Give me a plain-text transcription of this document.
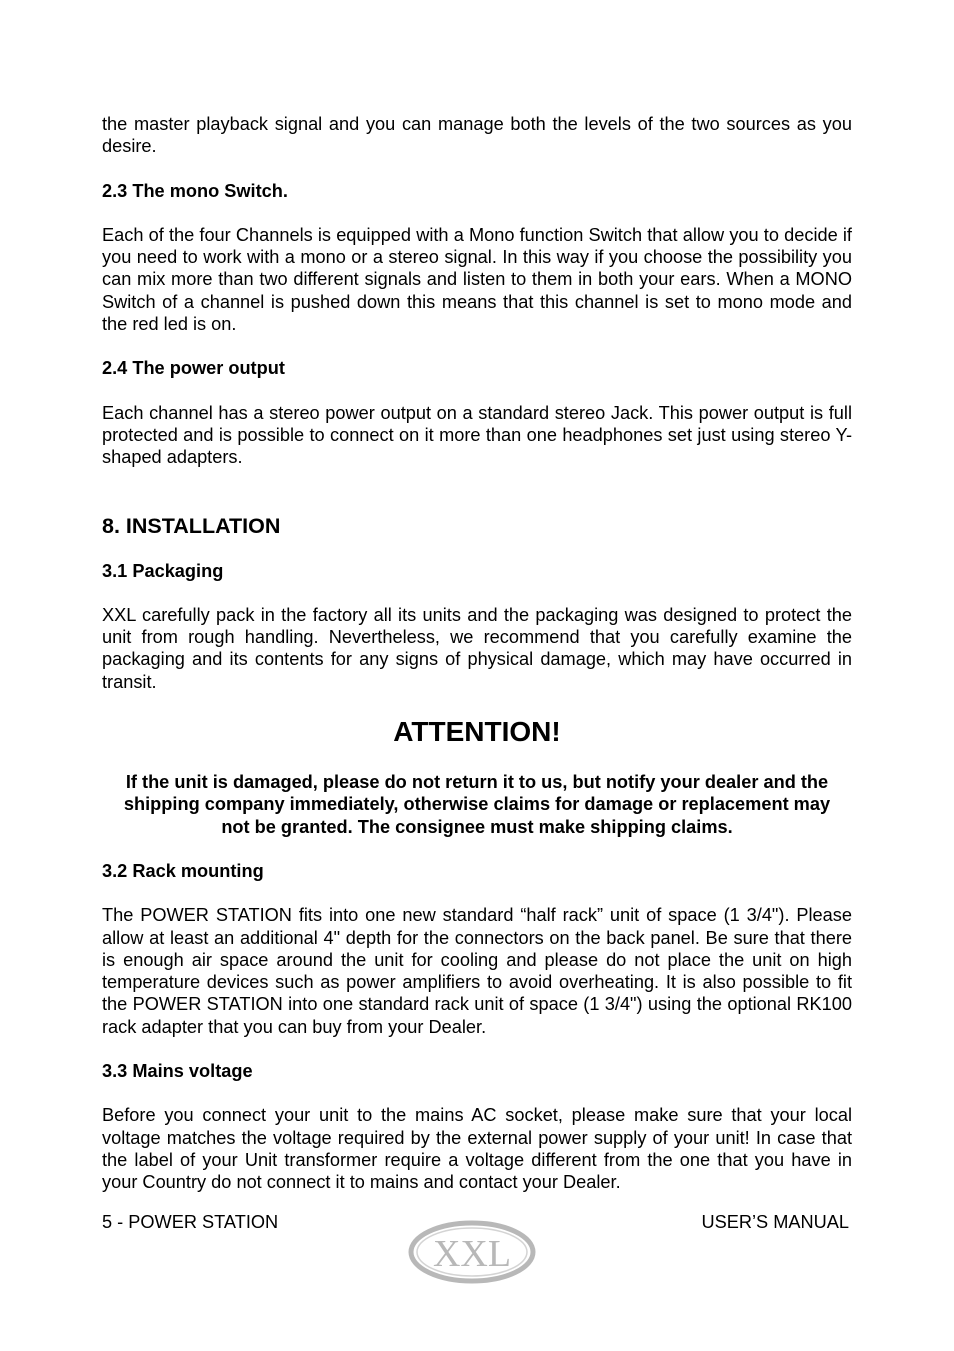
the master playback signal and you can manage both the levels of the two sources as you desire.

2.3 The mono Switch.

Each of the four Channels is equipped with a Mono function Switch that allow you to decide if you need to work with a mono or a stereo signal. In this way if you choose the possibility you can mix more than two different signals and listen to them in both your ears. When a MONO Switch of a channel is pushed down this means that this channel is set to mono mode and the red led is on.

2.4 The power output

Each channel has a stereo power output on a standard stereo Jack. This power output is full protected and is possible to connect on it more than one headphones set just using stereo Y-shaped adapters.

8. INSTALLATION
3.1 Packaging

XXL carefully pack in the factory all its units and the packaging was designed to protect the unit from rough handling. Nevertheless, we recommend that you carefully examine the packaging and its contents for any signs of physical damage, which may have occurred in transit.

ATTENTION!
If the unit is damaged, please do not return it to us, but notify your dealer and the
shipping company immediately, otherwise claims for damage or replacement may
not be granted. The consignee must make shipping claims.
3.2 Rack mounting

The POWER STATION fits into one new standard “half rack” unit of space (1 3/4"). Please allow at least an additional 4" depth for the connectors on the back panel. Be sure that there is enough air space around the unit for cooling and please do not place the unit on high temperature devices such as power amplifiers to avoid overheating. It is also possible to fit the POWER STATION into one standard rack unit of space (1 3/4") using the optional RK100 rack adapter that you can buy from your Dealer.

3.3 Mains voltage

Before you connect your unit to the mains AC socket, please make sure that your local voltage matches the voltage required by the external power supply of your unit! In case that the label of your Unit transformer require a voltage different from the one that you have in your Country do not connect it to mains and contact your Dealer.

5 - POWER STATION	USER’S MANUAL
XXL
